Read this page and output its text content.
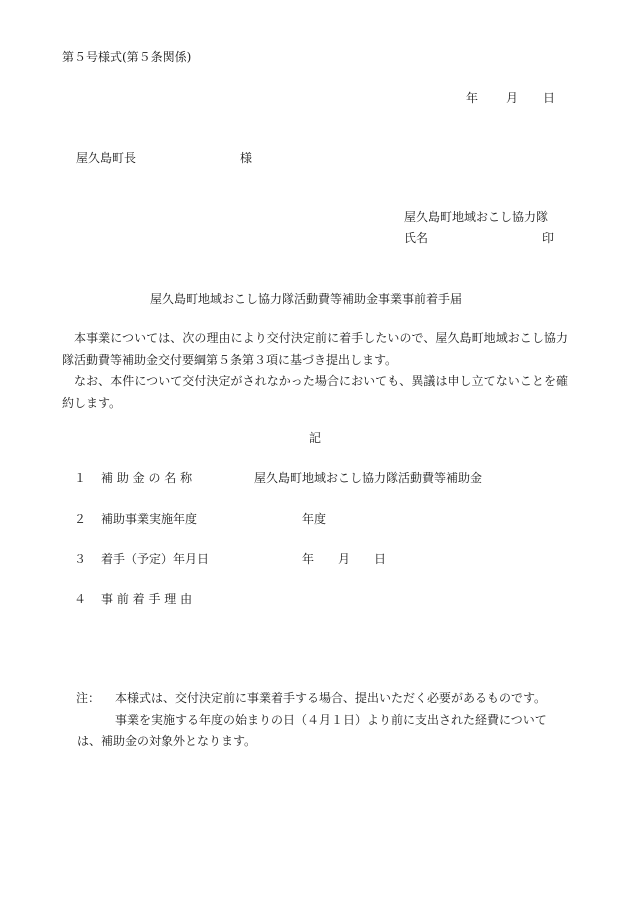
第５号様式(第５条関係)
年 月 日
屋久島町長	様
屋久島町地域おこし協力隊
氏名	印
屋久島町地域おこし協力隊活動費等補助金事業事前着手届
　本事業については、次の理由により交付決定前に着手したいので、屋久島町地域おこし協力隊活動費等補助金交付要綱第５条第３項に基づき提出します。
　なお、本件について交付決定がされなかった場合においても、異議は申し立てないことを確約します。
記
１ 補 助 金 の 名 称	屋久島町地域おこし協力隊活動費等補助金
２ 補助事業実施年度	年度
３ 着手（予定）年月日	年　　月　　日
４ 事 前 着 手 理 由
注： 本様式は、交付決定前に事業着手する場合、提出いただく必要があるものです。
事業を実施する年度の始まりの日（４月１日）より前に支出された経費については、補助金の対象外となります。
